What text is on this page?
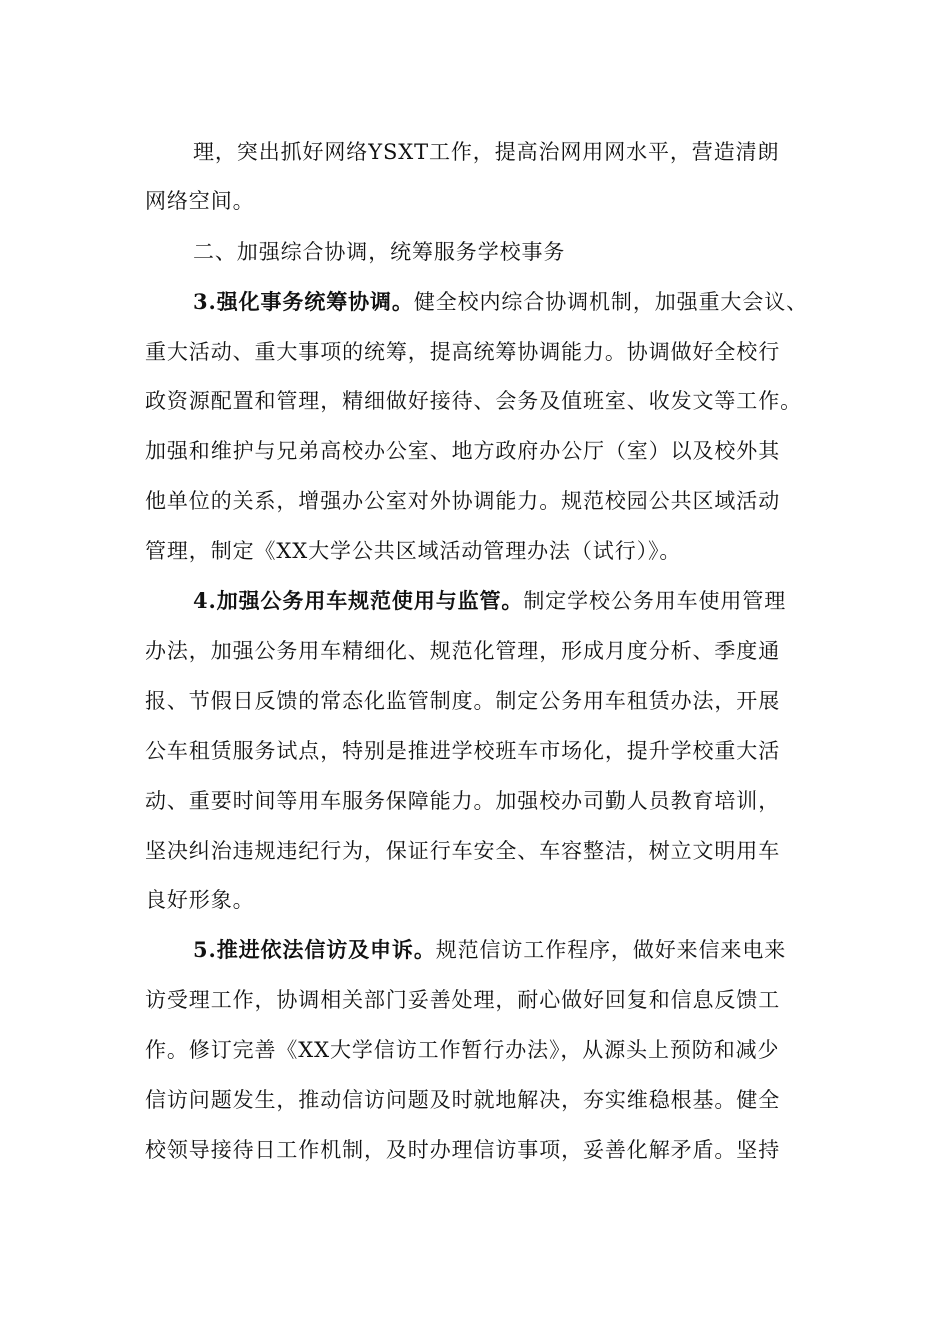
理，突出抓好网络YSXT工作，提高治网用网水平，营造清朗
网络空间。
二、加强综合协调，统筹服务学校事务
3.强化事务统筹协调。健全校内综合协调机制，加强重大会议、
重大活动、重大事项的统筹，提高统筹协调能力。协调做好全校行
政资源配置和管理，精细做好接待、会务及值班室、收发文等工作。
加强和维护与兄弟高校办公室、地方政府办公厅（室）以及校外其
他单位的关系，增强办公室对外协调能力。规范校园公共区域活动
管理，制定《XX大学公共区域活动管理办法（试行）》。
4.加强公务用车规范使用与监管。制定学校公务用车使用管理
办法，加强公务用车精细化、规范化管理，形成月度分析、季度通
报、节假日反馈的常态化监管制度。制定公务用车租赁办法，开展
公车租赁服务试点，特别是推进学校班车市场化，提升学校重大活
动、重要时间等用车服务保障能力。加强校办司勤人员教育培训，
坚决纠治违规违纪行为，保证行车安全、车容整洁，树立文明用车
良好形象。
5.推进依法信访及申诉。规范信访工作程序，做好来信来电来
访受理工作，协调相关部门妥善处理，耐心做好回复和信息反馈工
作。修订完善《XX大学信访工作暂行办法》，从源头上预防和减少
信访问题发生，推动信访问题及时就地解决，夯实维稳根基。健全
校领导接待日工作机制，及时办理信访事项，妥善化解矛盾。坚持
